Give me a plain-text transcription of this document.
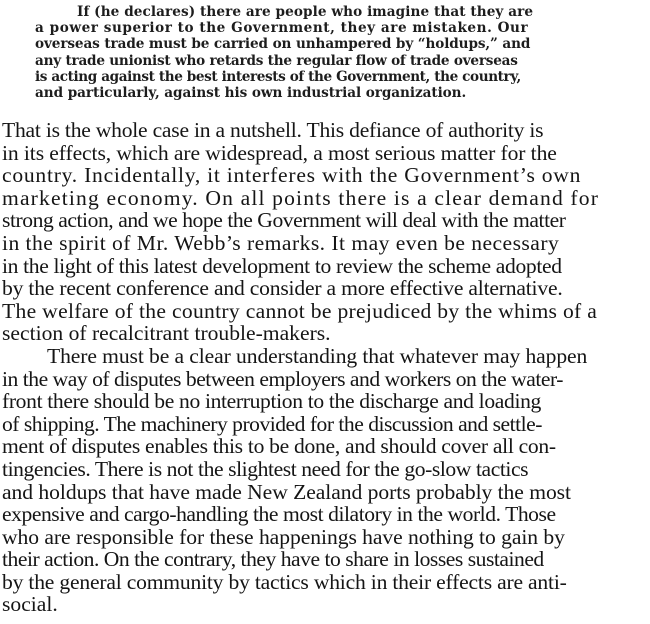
If (he declares) there are people who imagine that they are
a power superior to the Government, they are mistaken. Our
overseas trade must be carried on unhampered by “holdups,” and
any trade unionist who retards the regular flow of trade overseas
is acting against the best interests of the Government, the country,
and particularly, against his own industrial organization.
That is the whole case in a nutshell. This defiance of authority is
in its effects, which are widespread, a most serious matter for the
country. Incidentally, it interferes with the Government’s own
marketing economy. On all points there is a clear demand for
strong action, and we hope the Government will deal with the matter
in the spirit of Mr. Webb’s remarks. It may even be necessary
in the light of this latest development to review the scheme adopted
by the recent conference and consider a more effective alternative.
The welfare of the country cannot be prejudiced by the whims of a
section of recalcitrant trouble-makers.
There must be a clear understanding that whatever may happen
in the way of disputes between employers and workers on the water-
front there should be no interruption to the discharge and loading
of shipping. The machinery provided for the discussion and settle-
ment of disputes enables this to be done, and should cover all con-
tingencies. There is not the slightest need for the go-slow tactics
and holdups that have made New Zealand ports probably the most
expensive and cargo-handling the most dilatory in the world. Those
who are responsible for these happenings have nothing to gain by
their action. On the contrary, they have to share in losses sustained
by the general community by tactics which in their effects are anti-
social.
